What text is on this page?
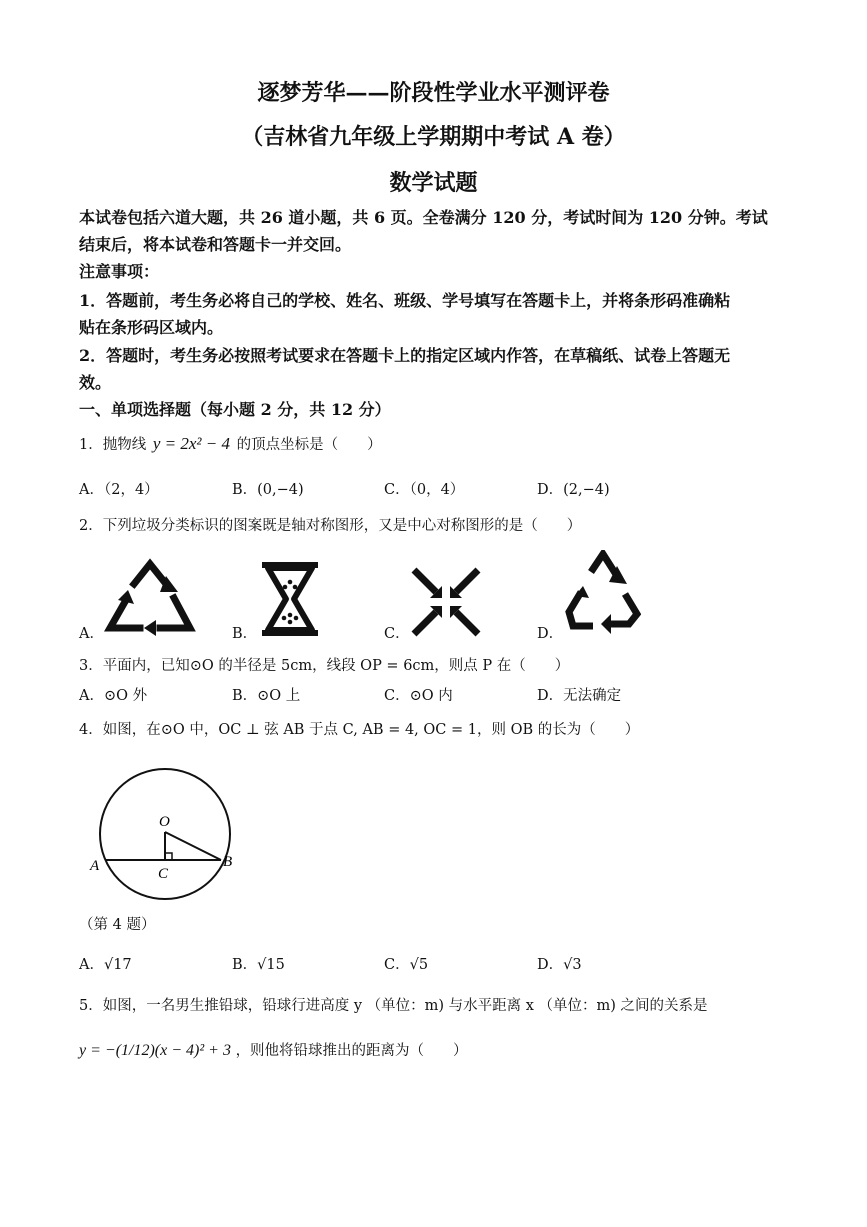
逐梦芳华——阶段性学业水平测评卷
（吉林省九年级上学期期中考试 A 卷）
数学试题
本试卷包括六道大题，共 26 道小题，共 6 页。全卷满分 120 分，考试时间为 120 分钟。考试
结束后，将本试卷和答题卡一并交回。
注意事项：
1．答题前，考生务必将自己的学校、姓名、班级、学号填写在答题卡上，并将条形码准确粘
贴在条形码区域内。
2．答题时，考生务必按照考试要求在答题卡上的指定区域内作答，在草稿纸、试卷上答题无
效。
一、单项选择题（每小题 2 分，共 12 分）
1．抛物线 y = 2x² − 4 的顶点坐标是（　　）
A．（2，4）	B．(0,−4)	C．（0，4）	D．(2,−4)
2．下列垃圾分类标识的图案既是轴对称图形，又是中心对称图形的是（　　）
A．	B．	C．	D．
3．平面内，已知⊙O 的半径是 5cm，线段 OP = 6cm，则点 P 在（　　）
A．⊙O 外	B．⊙O 上	C．⊙O 内	D．无法确定
4．如图，在⊙O 中，OC ⊥ 弦 AB 于点 C, AB = 4, OC = 1，则 OB 的长为（　　）
O
A	B
C
（第 4 题）
A．√17	B．√15	C．√5	D．√3
5．如图，一名男生推铅球，铅球行进高度 y （单位：m) 与水平距离 x （单位：m) 之间的关系是
y = −(1/12)(x − 4)² + 3 ，则他将铅球推出的距离为（　　）
